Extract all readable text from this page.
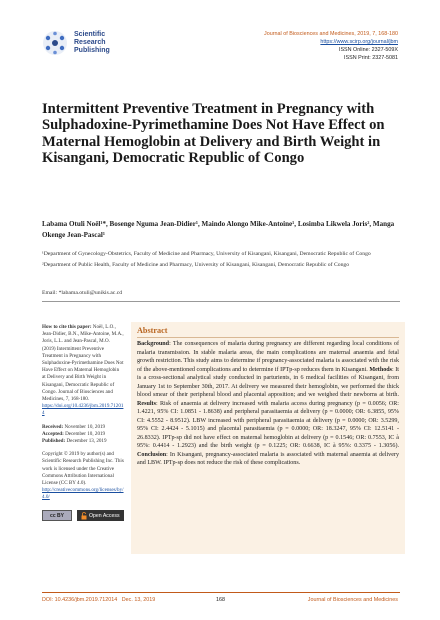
Scientific
Research
Publishing
Journal of Biosciences and Medicines, 2019, 7, 168-180
https://www.scirp.org/journal/jbm
ISSN Online: 2327-509X
ISSN Print: 2327-5081
Intermittent Preventive Treatment in Pregnancy with Sulphadoxine-Pyrimethamine Does Not Have Effect on Maternal Hemoglobin at Delivery and Birth Weight in Kisangani, Democratic Republic of Congo
Labama Otuli Noël¹*, Bosenge Nguma Jean-Didier¹, Maindo Alongo Mike-Antoine¹, Losimba Likwela Joris², Manga Okenge Jean-Pascal¹

¹Department of Gynecology-Obstetrics, Faculty of Medicine and Pharmacy, University of Kisangani, Kisangani, Democratic Republic of Congo

²Department of Public Health, Faculty of Medicine and Pharmacy, University of Kisangani, Kisangani, Democratic Republic of Congo

Email: *labama.otuli@unikis.ac.cd
How to cite this paper: Noël, L.O., Jean-Didier, B.N., Mike-Antoine, M.A., Joris, L.L. and Jean-Pascal, M.O. (2019) Intermittent Preventive Treatment in Pregnancy with Sulphadoxine-Pyrimethamine Does Not Have Effect on Maternal Hemoglobin at Delivery and Birth Weight in Kisangani, Democratic Republic of Congo. Journal of Biosciences and Medicines, 7, 168-180.
https://doi.org/10.4236/jbm.2019.712014
Received: November 10, 2019
Accepted: December 10, 2019
Published: December 13, 2019
Copyright © 2019 by author(s) and Scientific Research Publishing Inc. This work is licensed under the Creative Commons Attribution International License (CC BY 4.0).
http://creativecommons.org/licenses/by/4.0/
cc BY	Open Access
Abstract
Background: The consequences of malaria during pregnancy are different regarding local conditions of malaria transmission. In stable malaria areas, the main complications are maternal anaemia and fetal growth restriction. This study aims to determine if pregnancy-associated malaria is associated with the risk of the above-mentioned complications and to determine if IPTp-sp reduces them in Kisangani. Methods: It is a cross-sectional analytical study conducted in parturients, in 6 medical facilities of Kisangani, from January 1st to September 30th, 2017. At delivery we measured their hemoglobin, we performed the thick blood smear of their peripheral blood and placental apposition; and we weighed their newborns at birth. Results: Risk of anaemia at delivery increased with malaria access during pregnancy (p = 0.0056; OR: 1.4221, 95% CI: 1.0851 - 1.8638) and peripheral parasitaemia at delivery (p = 0.0000; OR: 6.3855, 95% CI: 4.5552 - 8.9512). LBW increased with peripheral parasitaemia at delivery (p = 0.0000; OR: 3.5299, 95% CI: 2.4424 - 5.1015) and placental parasitaemia (p = 0.0000; OR: 18.3247, 95% CI: 12.5141 - 26.8332). IPTp-sp did not have effect on maternal hemoglobin at delivery (p = 0.1546; OR: 0.7553, IC à 95%: 0.4414 - 1.2923) and the birth weight (p = 0.1225; OR: 0.6638, IC à 95%: 0.3375 - 1.3056). Conclusion: In Kisangani, pregnancy-associated malaria is associated with maternal anaemia at delivery and LBW. IPTp-sp does not reduce the risk of these complications.
DOI: 10.4236/jbm.2019.712014 Dec. 13, 2019	168	Journal of Biosciences and Medicines
